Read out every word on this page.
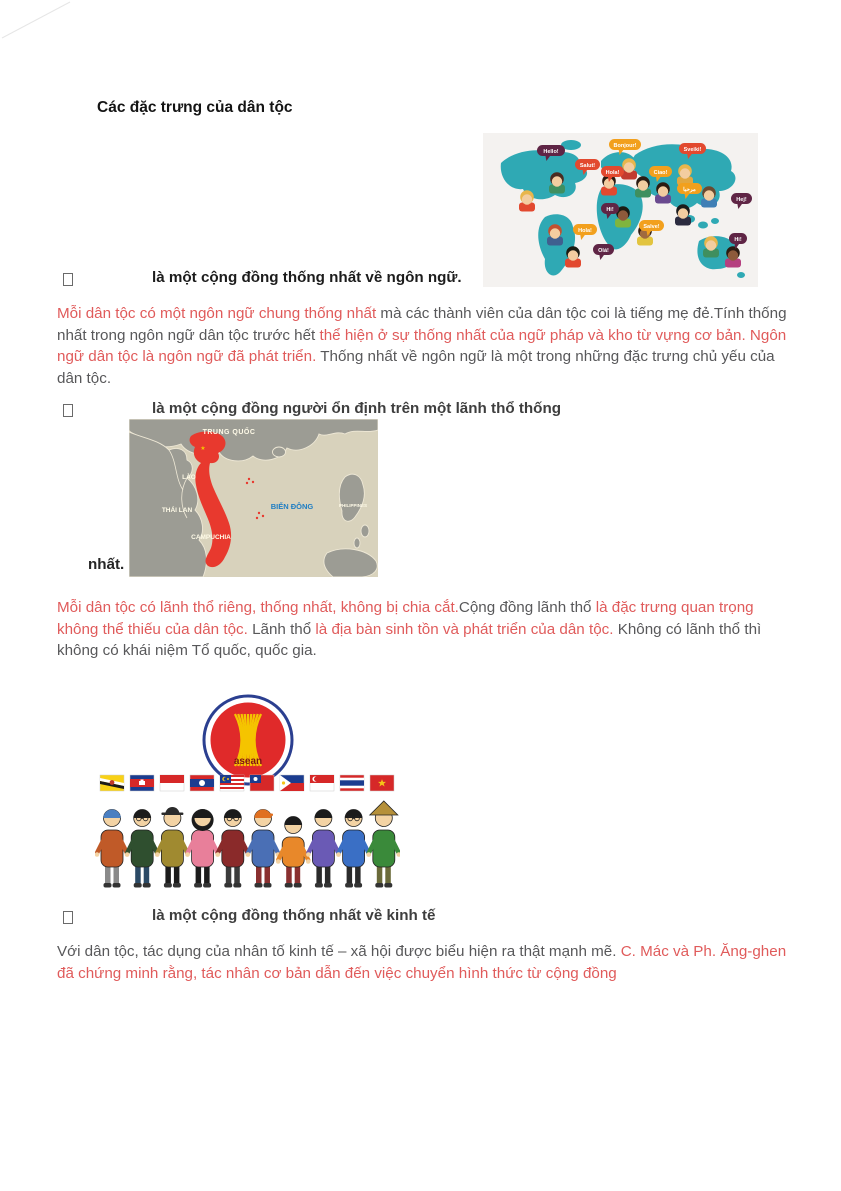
Các đặc trưng của dân tộc
Hello!
Salut!
Bonjour!
Hola!
Sveiki!
Ciao!
مرحبا
Hi!
Salve!
Hola!
Olá!
Hi!
Hej!
là một cộng đồng thống nhất về ngôn ngữ.

Mỗi dân tộc có một ngôn ngữ chung thống nhất mà các thành viên của dân tộc coi là tiếng mẹ đẻ.Tính thống nhất trong ngôn ngữ dân tộc trước hết thể hiện ở sự thống nhất của ngữ pháp và kho từ vựng cơ bản. Ngôn ngữ dân tộc là ngôn ngữ đã phát triển. Thống nhất về ngôn ngữ là một trong những đặc trưng chủ yếu của dân tộc.

là một cộng đồng người ổn định trên một lãnh thổ thống
★
TRUNG QUỐC
LÀO
THÁI LAN
CAMPUCHIA
PHILIPPINES
BIỂN ĐÔNG
nhất.

Mỗi dân tộc có lãnh thổ riêng, thống nhất, không bị chia cắt.Cộng đồng lãnh thổ là đặc trưng quan trọng không thể thiếu của dân tộc. Lãnh thổ là địa bàn sinh tồn và phát triển của dân tộc. Không có lãnh thổ thì không có khái niệm Tổ quốc, quốc gia.

asean
là một cộng đồng thống nhất về kinh tế

Với dân tộc, tác dụng của nhân tố kinh tế – xã hội được biểu hiện ra thật mạnh mẽ. C. Mác và Ph. Ăng-ghen đã chứng minh rằng, tác nhân cơ bản dẫn đến việc chuyển hình thức từ cộng đồng
